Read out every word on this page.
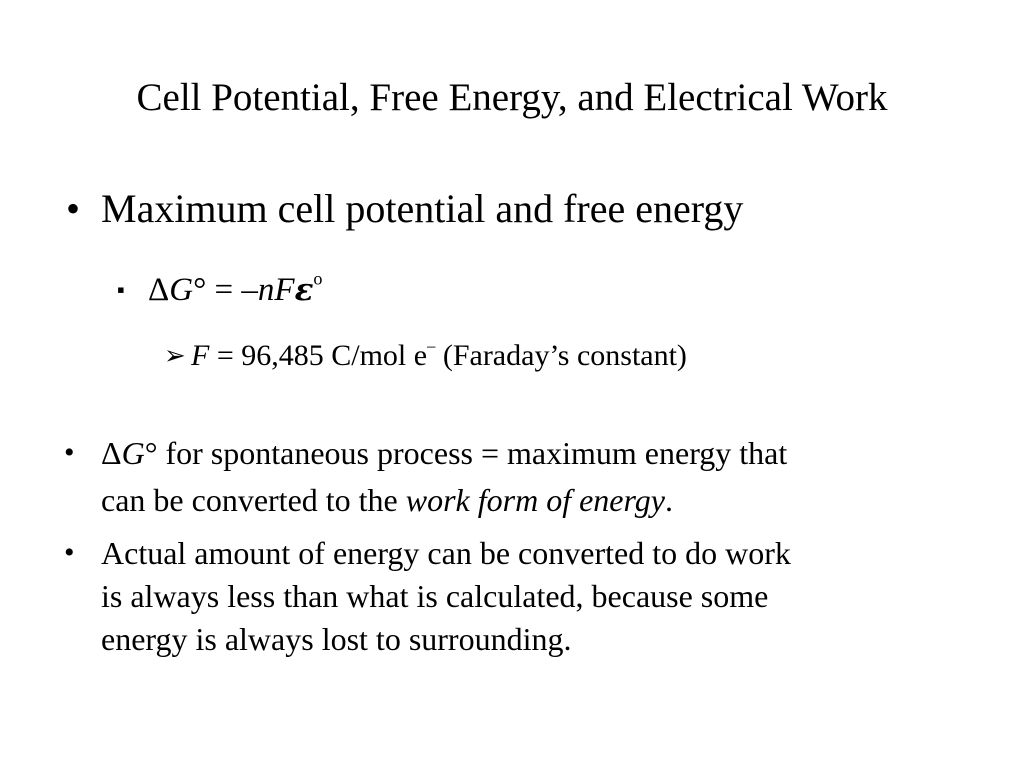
Cell Potential, Free Energy, and Electrical Work
• Maximum cell potential and free energy
▪ ΔG° = –nFε$^o$
➢ F = 96,485 C/mol e– (Faraday’s constant)
• ΔG° for spontaneous process = maximum energy that
can be converted to the work form of energy.
• Actual amount of energy can be converted to do work
is always less than what is calculated, because some
energy is always lost to surrounding.
